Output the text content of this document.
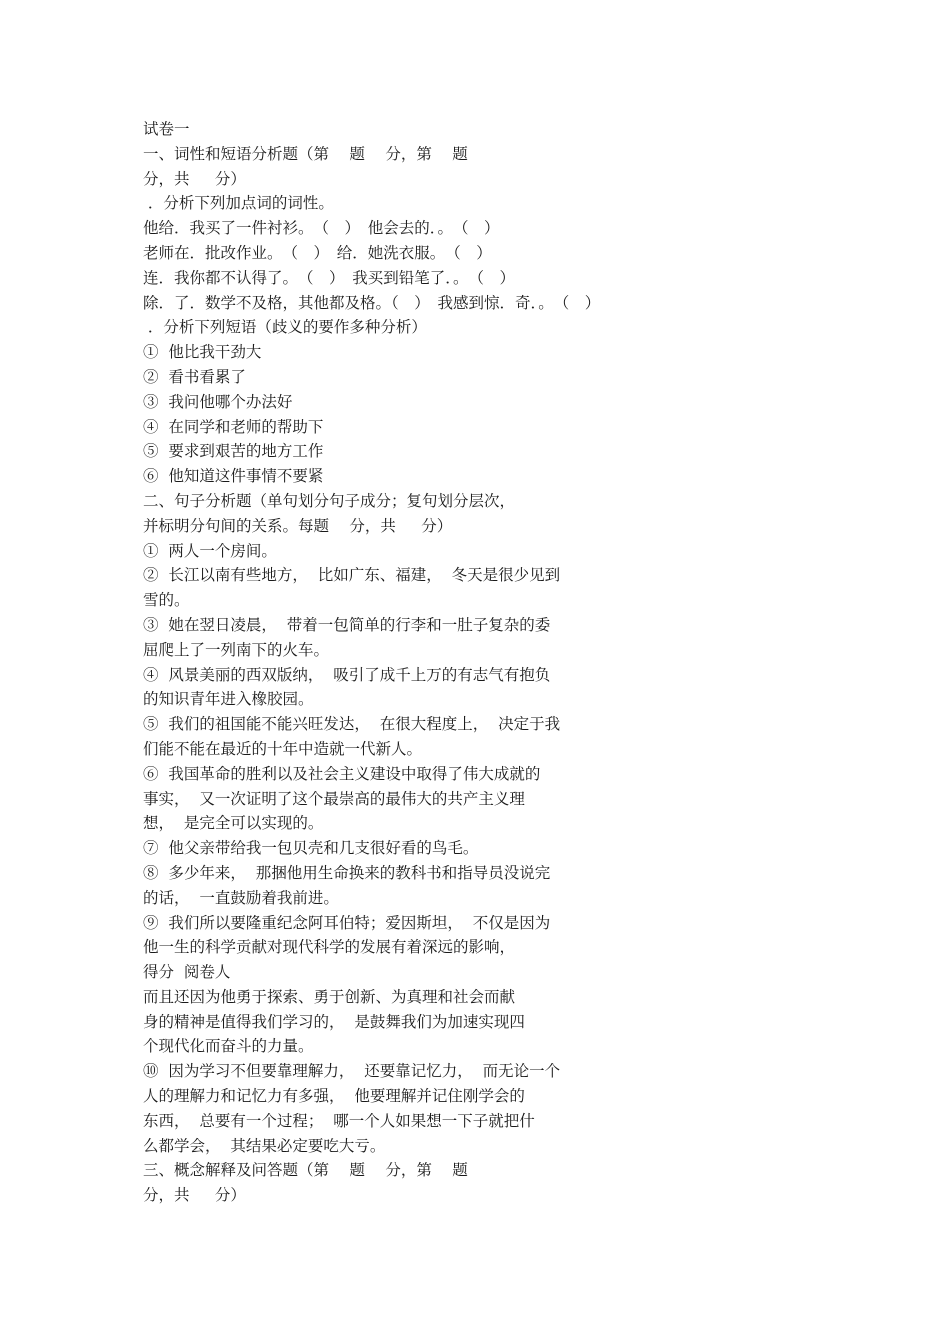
试卷一
一、词性和短语分析题（第　 题　 分，第　 题
分，共　  分）
．分析下列加点词的词性。
他给．我买了一件衬衫。　（　）　他会去的．。　（　）
老师在．批改作业。　（　）　给．她洗衣服。　（　）
连．我你都不认得了。　（　）　我买到铅笔了．。　（　）
除．了．数学不及格，其他都及格。（　）　我感到惊．奇．。　（　）
．分析下列短语（歧义的要作多种分析）
①  他比我干劲大
②  看书看累了
③  我问他哪个办法好
④  在同学和老师的帮助下
⑤  要求到艰苦的地方工作
⑥  他知道这件事情不要紧
二、句子分析题（单句划分句子成分；复句划分层次，
并标明分句间的关系。每题　 分，共　  分）
①  两人一个房间。
②  长江以南有些地方，  比如广东、福建，  冬天是很少见到
雪的。
③  她在翌日凌晨，  带着一包简单的行李和一肚子复杂的委
屈爬上了一列南下的火车。
④  风景美丽的西双版纳，  吸引了成千上万的有志气有抱负
的知识青年进入橡胶园。
⑤  我们的祖国能不能兴旺发达，  在很大程度上，  决定于我
们能不能在最近的十年中造就一代新人。
⑥  我国革命的胜利以及社会主义建设中取得了伟大成就的
事实，  又一次证明了这个最崇高的最伟大的共产主义理
想，  是完全可以实现的。
⑦  他父亲带给我一包贝壳和几支很好看的鸟毛。
⑧  多少年来，  那捆他用生命换来的教科书和指导员没说完
的话，  一直鼓励着我前进。
⑨  我们所以要隆重纪念阿耳伯特；爱因斯坦，  不仅是因为
他一生的科学贡献对现代科学的发展有着深远的影响，
得分  阅卷人
而且还因为他勇于探索、勇于创新、为真理和社会而献
身的精神是值得我们学习的，  是鼓舞我们为加速实现四
个现代化而奋斗的力量。
⑩  因为学习不但要靠理解力，  还要靠记忆力，  而无论一个
人的理解力和记忆力有多强，  他要理解并记住刚学会的
东西，  总要有一个过程；  哪一个人如果想一下子就把什
么都学会，  其结果必定要吃大亏。
三、概念解释及问答题（第　 题　 分，第　 题
分，共　  分）
